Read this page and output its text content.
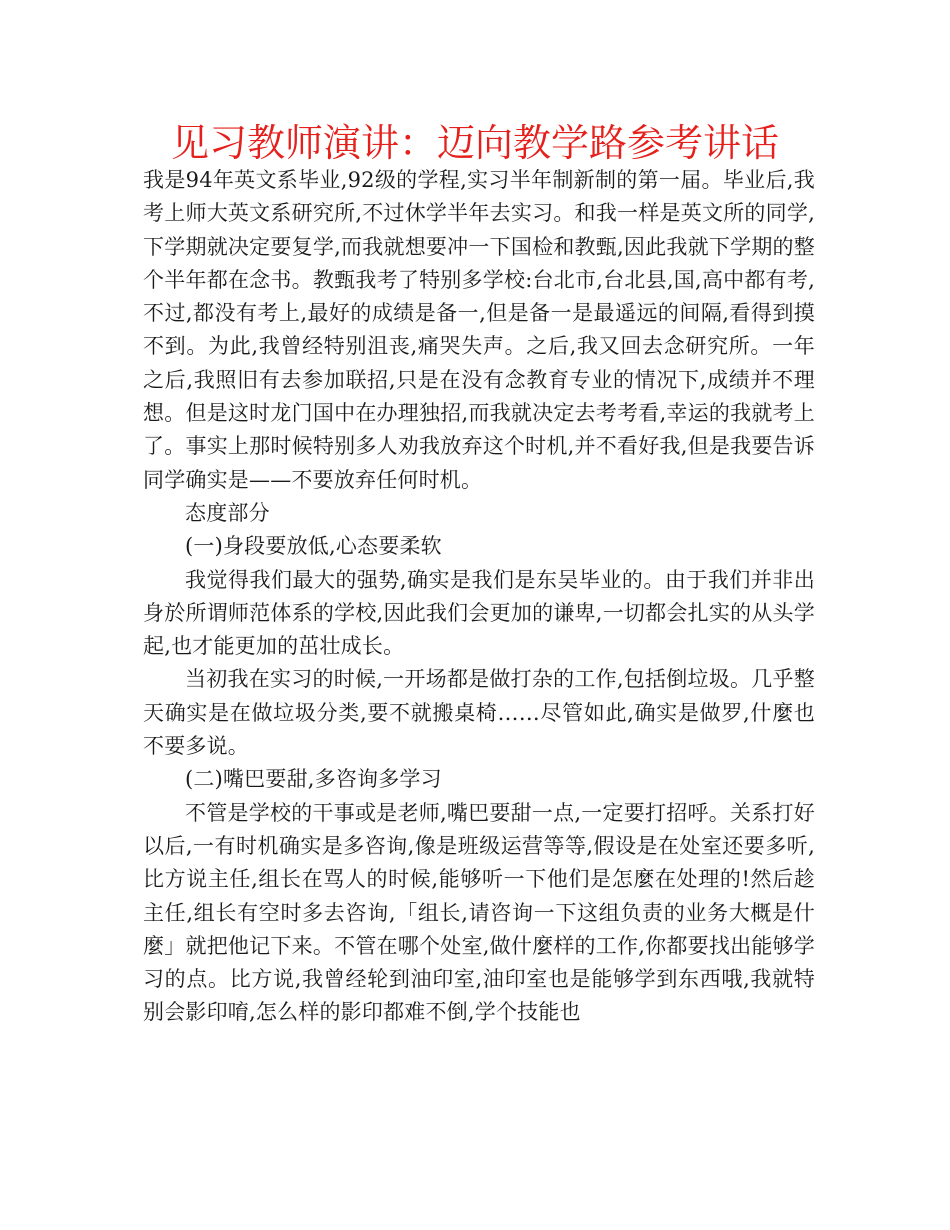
见习教师演讲：迈向教学路参考讲话

我是94年英文系毕业,92级的学程,实习半年制新制的第一届。毕业后,我考上师大英文系研究所,不过休学半年去实习。和我一样是英文所的同学,下学期就决定要复学,而我就想要冲一下国检和教甄,因此我就下学期的整个半年都在念书。教甄我考了特别多学校:台北市,台北县,国,高中都有考,不过,都没有考上,最好的成绩是备一,但是备一是最遥远的间隔,看得到摸不到。为此,我曾经特别沮丧,痛哭失声。之后,我又回去念研究所。一年之后,我照旧有去参加联招,只是在没有念教育专业的情况下,成绩并不理想。但是这时龙门国中在办理独招,而我就决定去考考看,幸运的我就考上了。事实上那时候特别多人劝我放弃这个时机,并不看好我,但是我要告诉同学确实是——不要放弃任何时机。

态度部分

(一)身段要放低,心态要柔软

我觉得我们最大的强势,确实是我们是东吴毕业的。由于我们并非出身於所谓师范体系的学校,因此我们会更加的谦卑,一切都会扎实的从头学起,也才能更加的茁壮成长。

当初我在实习的时候,一开场都是做打杂的工作,包括倒垃圾。几乎整天确实是在做垃圾分类,要不就搬桌椅……尽管如此,确实是做罗,什麼也不要多说。

(二)嘴巴要甜,多咨询多学习

不管是学校的干事或是老师,嘴巴要甜一点,一定要打招呼。关系打好以后,一有时机确实是多咨询,像是班级运营等等,假设是在处室还要多听,比方说主任,组长在骂人的时候,能够听一下他们是怎麼在处理的!然后趁主任,组长有空时多去咨询,「组长,请咨询一下这组负责的业务大概是什麼」就把他记下来。不管在哪个处室,做什麼样的工作,你都要找出能够学习的点。比方说,我曾经轮到油印室,油印室也是能够学到东西哦,我就特别会影印唷,怎么样的影印都难不倒,学个技能也
